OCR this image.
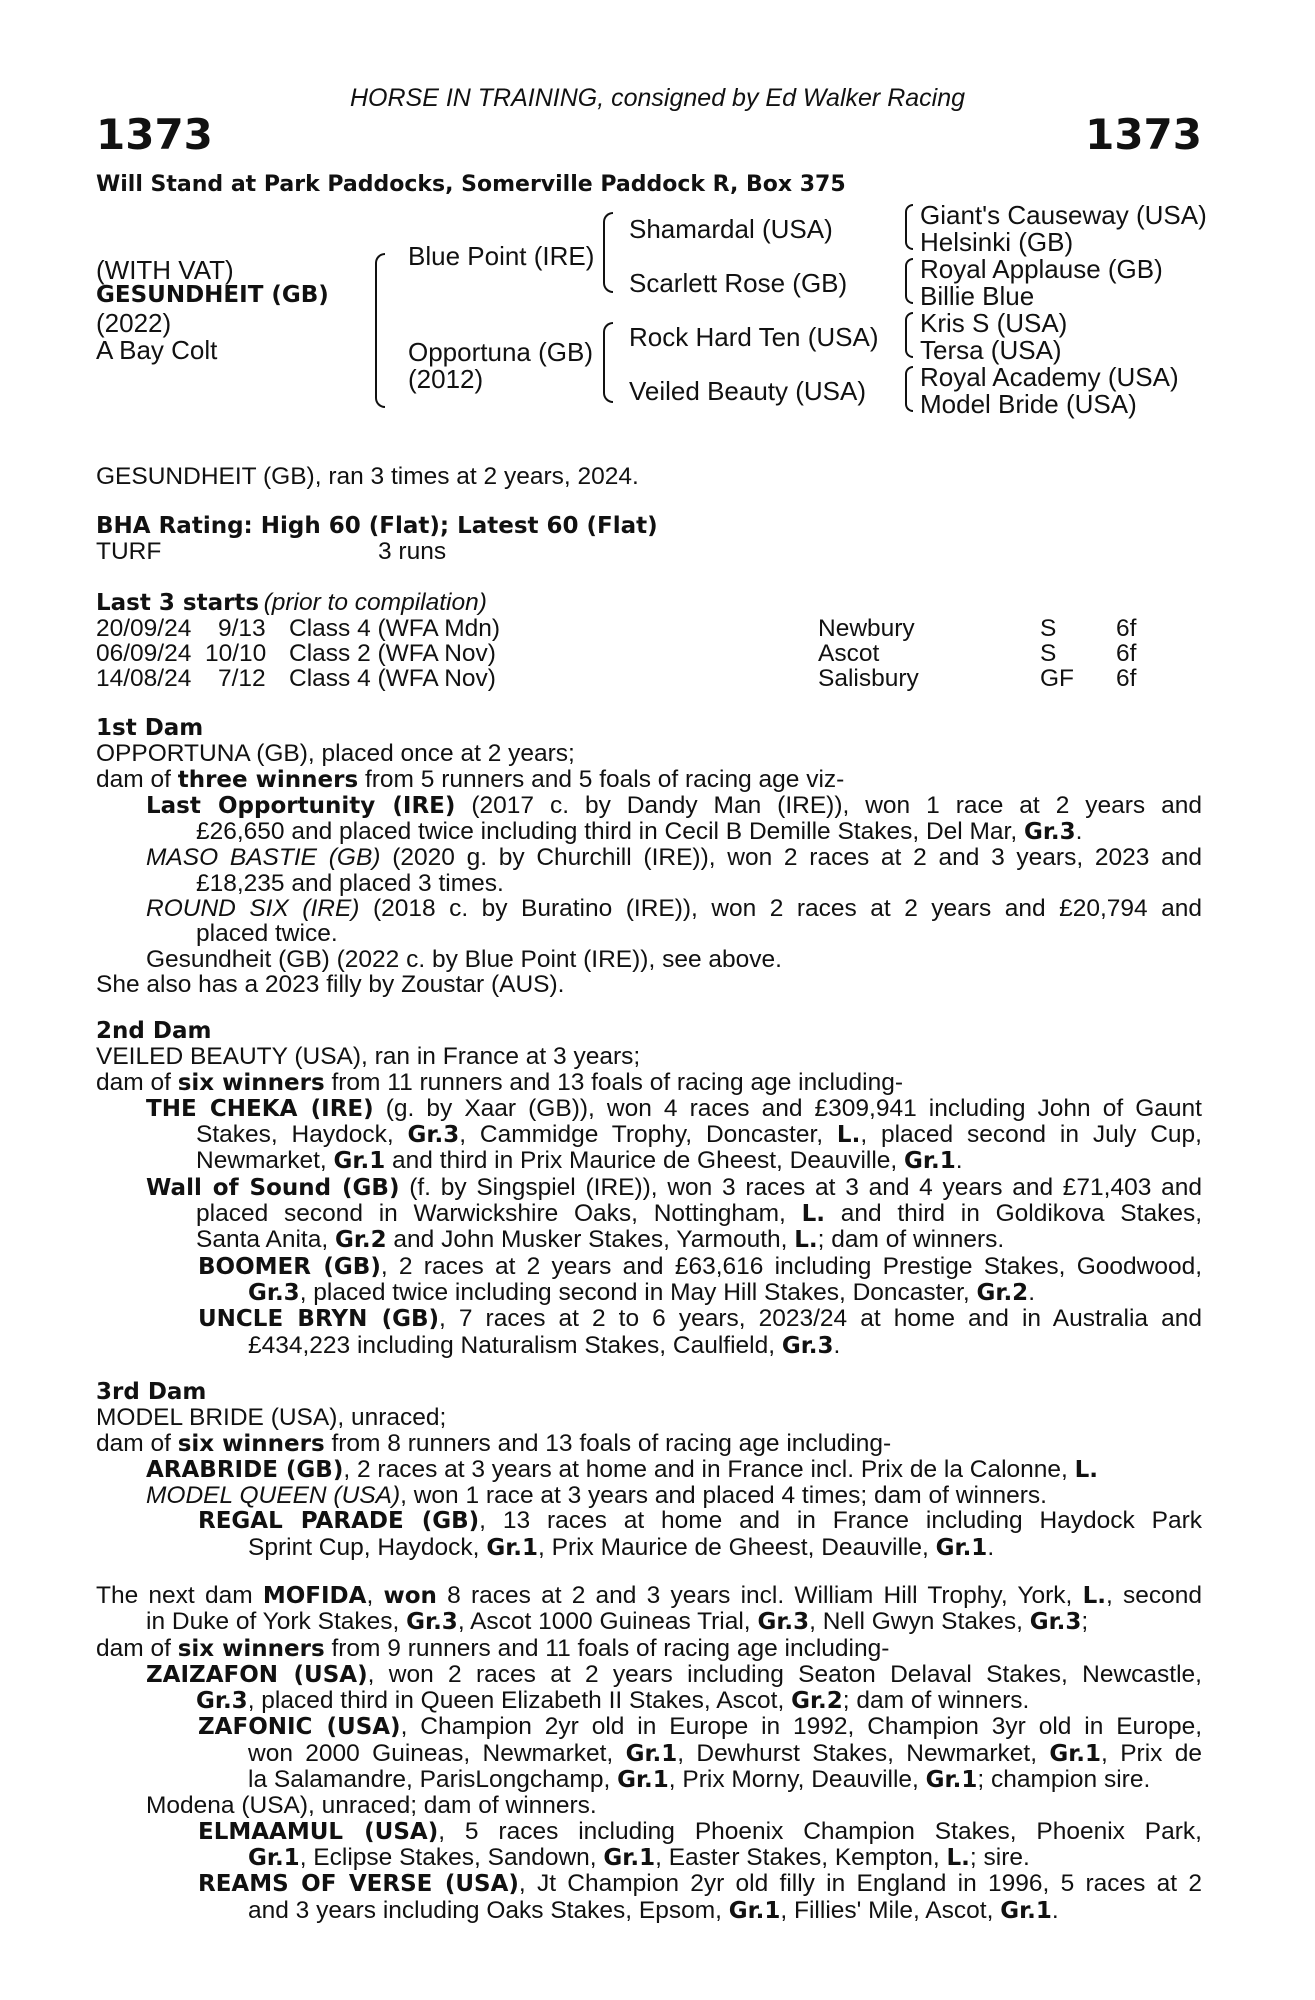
HORSE IN TRAINING, consigned by Ed Walker Racing
1373	1373
Will Stand at Park Paddocks, Somerville Paddock R, Box 375
(WITH VAT)
GESUNDHEIT (GB)
(2022)
A Bay Colt
Blue Point (IRE)
Opportuna (GB)
(2012)
Shamardal (USA)
Scarlett Rose (GB)
Rock Hard Ten (USA)
Veiled Beauty (USA)
Giant's Causeway (USA)
Helsinki (GB)
Royal Applause (GB)
Billie Blue
Kris S (USA)
Tersa (USA)
Royal Academy (USA)
Model Bride (USA)
GESUNDHEIT (GB), ran 3 times at 2 years, 2024.
BHA Rating: High 60 (Flat); Latest 60 (Flat)
TURF	3 runs
Last 3 starts (prior to compilation)
20/09/24 9/13 Class 4 (WFA Mdn)	Newbury	S 6f
06/09/24 10/10 Class 2 (WFA Nov)	Ascot	S 6f
14/08/24 7/12 Class 4 (WFA Nov)	Salisbury	GF 6f
1st Dam
OPPORTUNA (GB), placed once at 2 years;
dam of three winners from 5 runners and 5 foals of racing age viz-
Last Opportunity (IRE) (2017 c. by Dandy Man (IRE)), won 1 race at 2 years and
£26,650 and placed twice including third in Cecil B Demille Stakes, Del Mar, Gr.3.
MASO BASTIE (GB) (2020 g. by Churchill (IRE)), won 2 races at 2 and 3 years, 2023 and
£18,235 and placed 3 times.
ROUND SIX (IRE) (2018 c. by Buratino (IRE)), won 2 races at 2 years and £20,794 and
placed twice.
Gesundheit (GB) (2022 c. by Blue Point (IRE)), see above.
She also has a 2023 filly by Zoustar (AUS).
2nd Dam
VEILED BEAUTY (USA), ran in France at 3 years;
dam of six winners from 11 runners and 13 foals of racing age including-
THE CHEKA (IRE) (g. by Xaar (GB)), won 4 races and £309,941 including John of Gaunt
Stakes, Haydock, Gr.3, Cammidge Trophy, Doncaster, L., placed second in July Cup,
Newmarket, Gr.1 and third in Prix Maurice de Gheest, Deauville, Gr.1.
Wall of Sound (GB) (f. by Singspiel (IRE)), won 3 races at 3 and 4 years and £71,403 and
placed second in Warwickshire Oaks, Nottingham, L. and third in Goldikova Stakes,
Santa Anita, Gr.2 and John Musker Stakes, Yarmouth, L.; dam of winners.
BOOMER (GB), 2 races at 2 years and £63,616 including Prestige Stakes, Goodwood,
Gr.3, placed twice including second in May Hill Stakes, Doncaster, Gr.2.
UNCLE BRYN (GB), 7 races at 2 to 6 years, 2023/24 at home and in Australia and
£434,223 including Naturalism Stakes, Caulfield, Gr.3.
3rd Dam
MODEL BRIDE (USA), unraced;
dam of six winners from 8 runners and 13 foals of racing age including-
ARABRIDE (GB), 2 races at 3 years at home and in France incl. Prix de la Calonne, L.
MODEL QUEEN (USA), won 1 race at 3 years and placed 4 times; dam of winners.
REGAL PARADE (GB), 13 races at home and in France including Haydock Park
Sprint Cup, Haydock, Gr.1, Prix Maurice de Gheest, Deauville, Gr.1.
The next dam MOFIDA, won 8 races at 2 and 3 years incl. William Hill Trophy, York, L., second
in Duke of York Stakes, Gr.3, Ascot 1000 Guineas Trial, Gr.3, Nell Gwyn Stakes, Gr.3;
dam of six winners from 9 runners and 11 foals of racing age including-
ZAIZAFON (USA), won 2 races at 2 years including Seaton Delaval Stakes, Newcastle,
Gr.3, placed third in Queen Elizabeth II Stakes, Ascot, Gr.2; dam of winners.
ZAFONIC (USA), Champion 2yr old in Europe in 1992, Champion 3yr old in Europe,
won 2000 Guineas, Newmarket, Gr.1, Dewhurst Stakes, Newmarket, Gr.1, Prix de
la Salamandre, ParisLongchamp, Gr.1, Prix Morny, Deauville, Gr.1; champion sire.
Modena (USA), unraced; dam of winners.
ELMAAMUL (USA), 5 races including Phoenix Champion Stakes, Phoenix Park,
Gr.1, Eclipse Stakes, Sandown, Gr.1, Easter Stakes, Kempton, L.; sire.
REAMS OF VERSE (USA), Jt Champion 2yr old filly in England in 1996, 5 races at 2
and 3 years including Oaks Stakes, Epsom, Gr.1, Fillies' Mile, Ascot, Gr.1.
